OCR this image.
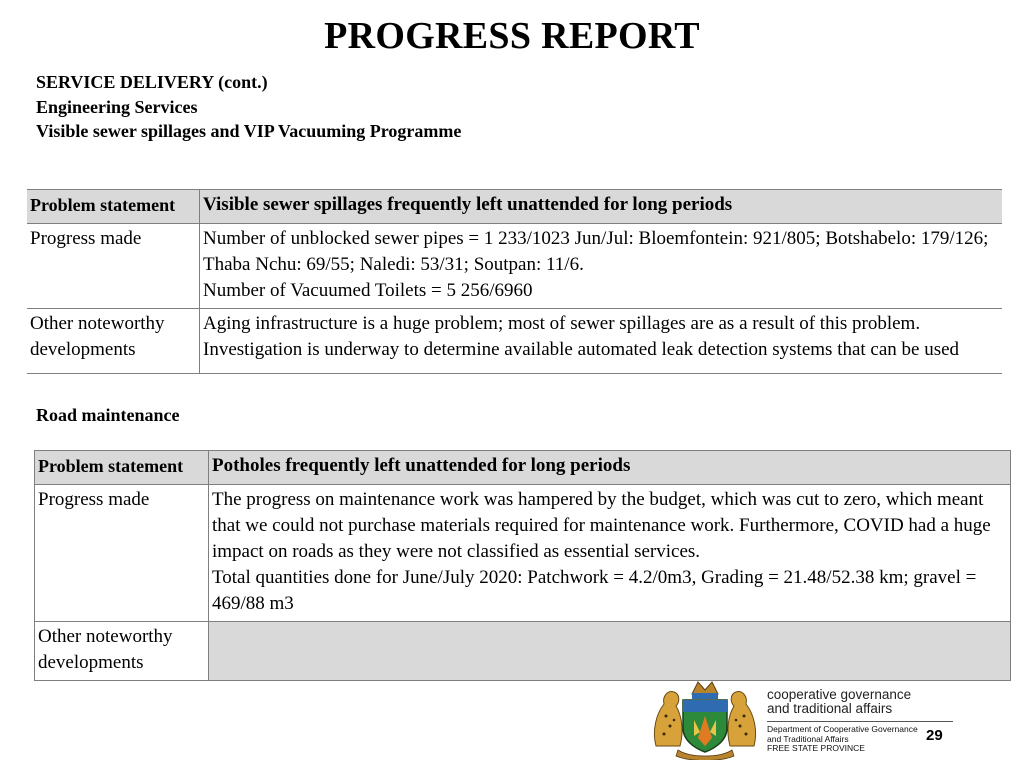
PROGRESS REPORT
SERVICE DELIVERY (cont.)
Engineering Services
Visible sewer spillages and VIP Vacuuming Programme
Problem statement	Visible sewer spillages frequently left unattended for long periods
Progress made	Number of unblocked sewer pipes = 1 233/1023 Jun/Jul: Bloemfontein: 921/805; Botshabelo: 179/126; Thaba Nchu: 69/55; Naledi: 53/31; Soutpan: 11/6.
Number of Vacuumed Toilets = 5 256/6960

Other noteworthy developments	Aging infrastructure is a huge problem; most of sewer spillages are as a result of this problem.
Investigation is underway to determine available automated leak detection systems that can be used
Road maintenance
Problem statement	Potholes frequently left unattended for long periods
Progress made	The progress on maintenance work was hampered by the budget, which was cut to zero, which meant that we could not purchase materials required for maintenance work. Furthermore, COVID had a huge impact on roads as they were not classified as essential services.
Total quantities done for June/July 2020: Patchwork = 4.2/0m3, Grading = 21.48/52.38 km; gravel = 469/88 m3

Other noteworthy developments	

cooperative governance
and traditional affairs
Department of Cooperative Governance
and Traditional Affairs
FREE STATE PROVINCE
29
